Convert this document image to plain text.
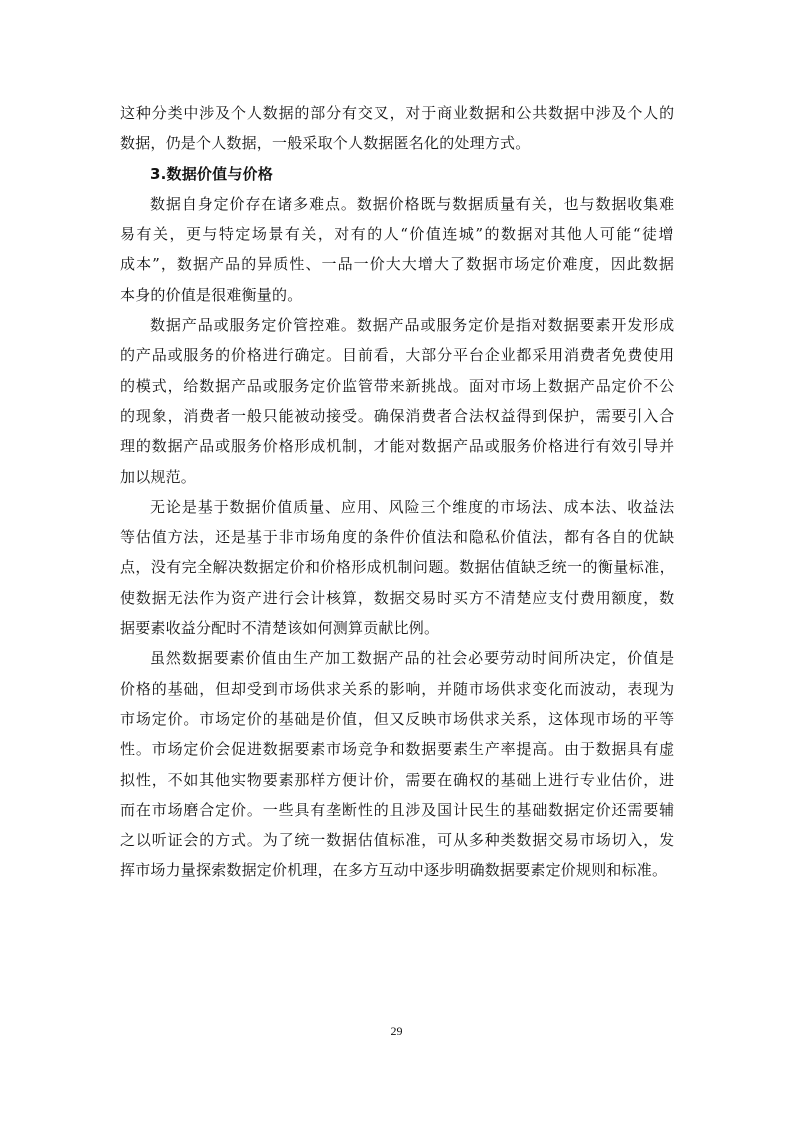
这种分类中涉及个人数据的部分有交叉，对于商业数据和公共数据中涉及个人的
数据，仍是个人数据，一般采取个人数据匿名化的处理方式。
3.数据价值与价格
数据自身定价存在诸多难点。数据价格既与数据质量有关，也与数据收集难
易有关，更与特定场景有关，对有的人“价值连城”的数据对其他人可能“徒增
成本”，数据产品的异质性、一品一价大大增大了数据市场定价难度，因此数据
本身的价值是很难衡量的。
数据产品或服务定价管控难。数据产品或服务定价是指对数据要素开发形成
的产品或服务的价格进行确定。目前看，大部分平台企业都采用消费者免费使用
的模式，给数据产品或服务定价监管带来新挑战。面对市场上数据产品定价不公
的现象，消费者一般只能被动接受。确保消费者合法权益得到保护，需要引入合
理的数据产品或服务价格形成机制，才能对数据产品或服务价格进行有效引导并
加以规范。
无论是基于数据价值质量、应用、风险三个维度的市场法、成本法、收益法
等估值方法，还是基于非市场角度的条件价值法和隐私价值法，都有各自的优缺
点，没有完全解决数据定价和价格形成机制问题。数据估值缺乏统一的衡量标准，
使数据无法作为资产进行会计核算，数据交易时买方不清楚应支付费用额度，数
据要素收益分配时不清楚该如何测算贡献比例。
虽然数据要素价值由生产加工数据产品的社会必要劳动时间所决定，价值是
价格的基础，但却受到市场供求关系的影响，并随市场供求变化而波动，表现为
市场定价。市场定价的基础是价值，但又反映市场供求关系，这体现市场的平等
性。市场定价会促进数据要素市场竞争和数据要素生产率提高。由于数据具有虚
拟性，不如其他实物要素那样方便计价，需要在确权的基础上进行专业估价，进
而在市场磨合定价。一些具有垄断性的且涉及国计民生的基础数据定价还需要辅
之以听证会的方式。为了统一数据估值标准，可从多种类数据交易市场切入，发
挥市场力量探索数据定价机理，在多方互动中逐步明确数据要素定价规则和标准。
29
